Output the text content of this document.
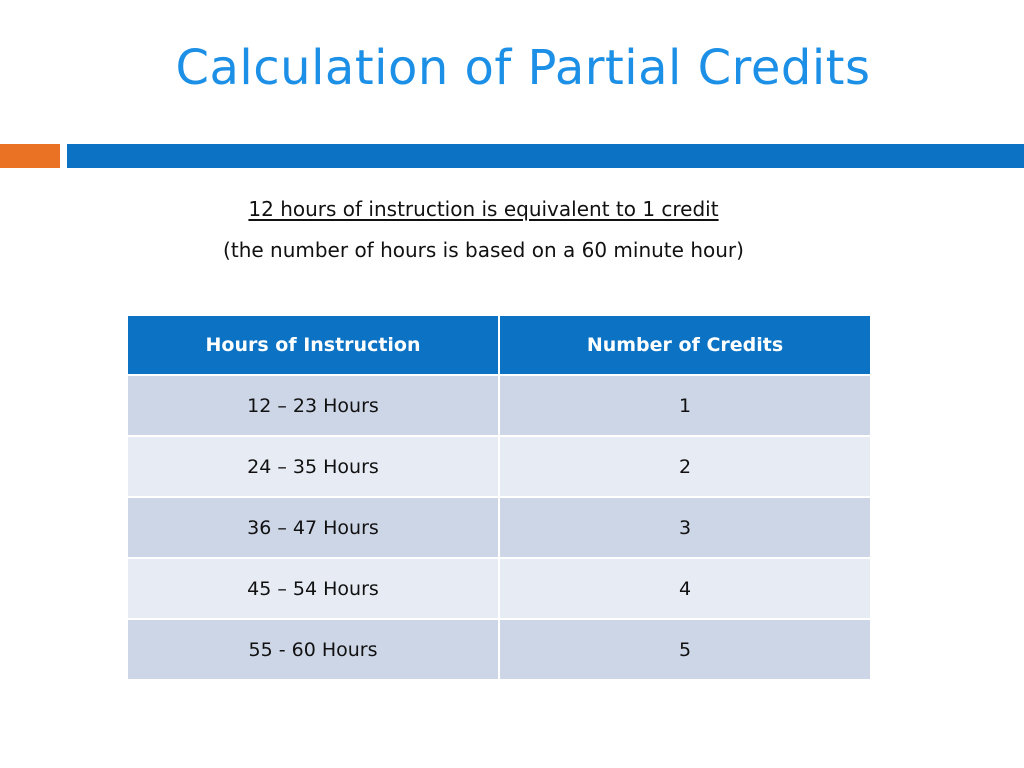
Calculation of Partial Credits
12 hours of instruction is equivalent to 1 credit
(the number of hours is based on a 60 minute hour)
Hours of Instruction	Number of Credits
12 – 23 Hours	1
24 – 35 Hours	2
36 – 47 Hours	3
45 – 54 Hours	4
55 - 60 Hours	5
